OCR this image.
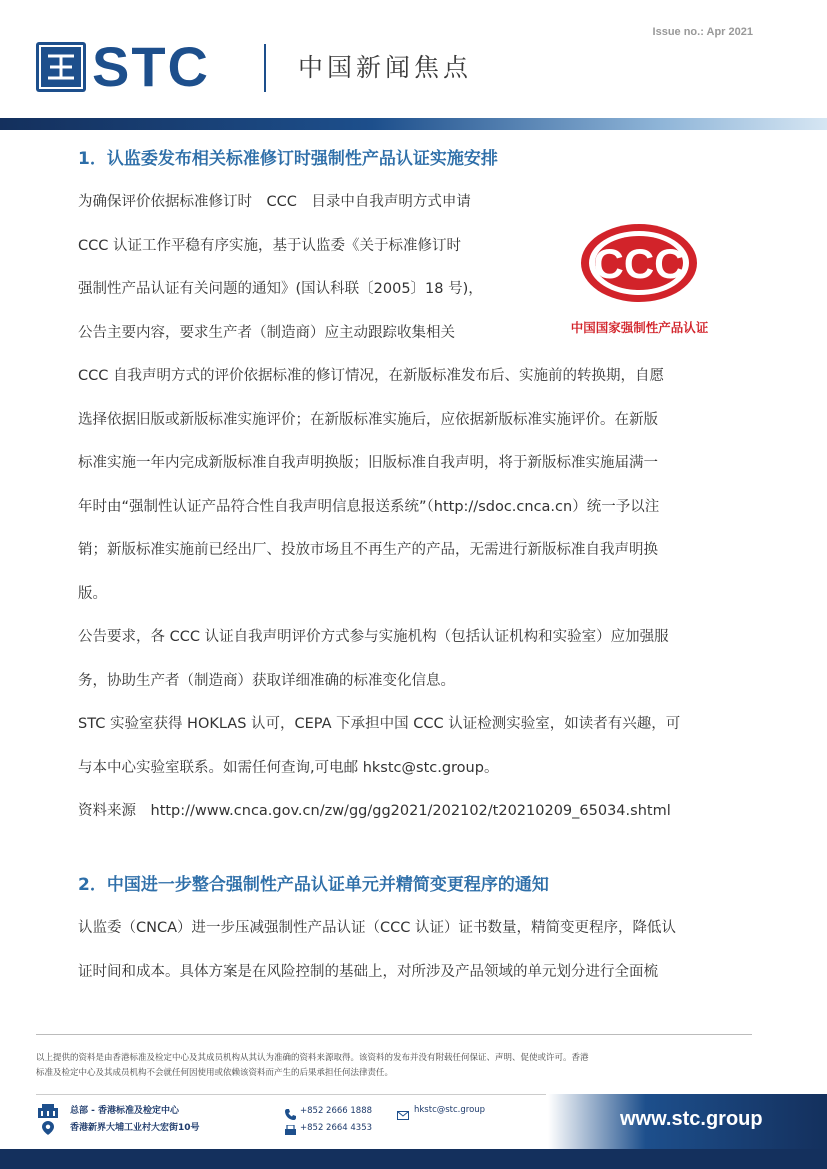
STC	中国新闻焦点
Issue no.: Apr 2021
1．认监委发布相关标准修订时强制性产品认证实施安排
为确保评价依据标准修订时　CCC　目录中自我声明方式申请
CCC 认证工作平稳有序实施，基于认监委《关于标准修订时
强制性产品认证有关问题的通知》(国认科联〔2005〕18 号)，
公告主要内容，要求生产者（制造商）应主动跟踪收集相关
CCC
中国国家强制性产品认证
CCC 自我声明方式的评价依据标准的修订情况，在新版标准发布后、实施前的转换期，自愿
选择依据旧版或新版标准实施评价；在新版标准实施后，应依据新版标准实施评价。在新版
标准实施一年内完成新版标准自我声明换版；旧版标准自我声明，将于新版标准实施届满一
年时由“强制性认证产品符合性自我声明信息报送系统”（http://sdoc.cnca.cn）统一予以注
销；新版标准实施前已经出厂、投放市场且不再生产的产品，无需进行新版标准自我声明换
版。
公告要求，各 CCC 认证自我声明评价方式参与实施机构（包括认证机构和实验室）应加强服
务，协助生产者（制造商）获取详细准确的标准变化信息。
STC 实验室获得 HOKLAS 认可，CEPA 下承担中国 CCC 认证检测实验室，如读者有兴趣，可
与本中心实验室联系。如需任何查询,可电邮 hkstc@stc.group。
资料来源　http://www.cnca.gov.cn/zw/gg/gg2021/202102/t20210209_65034.shtml
2．中国进一步整合强制性产品认证单元并精简变更程序的通知
认监委（CNCA）进一步压减强制性产品认证（CCC 认证）证书数量，精简变更程序，降低认
证时间和成本。具体方案是在风险控制的基础上，对所涉及产品领域的单元划分进行全面梳
以上提供的资料是由香港标准及检定中心及其成员机构从其认为准确的资料来源取得。该资料的发布并没有附载任何保证、声明、促使或许可。香港
标准及检定中心及其成员机构不会就任何因使用或依赖该资料而产生的后果承担任何法律责任。
总部 - 香港标准及检定中心
香港新界大埔工业村大宏街10号
+852 2666 1888
+852 2664 4353
hkstc@stc.group	www.stc.group
